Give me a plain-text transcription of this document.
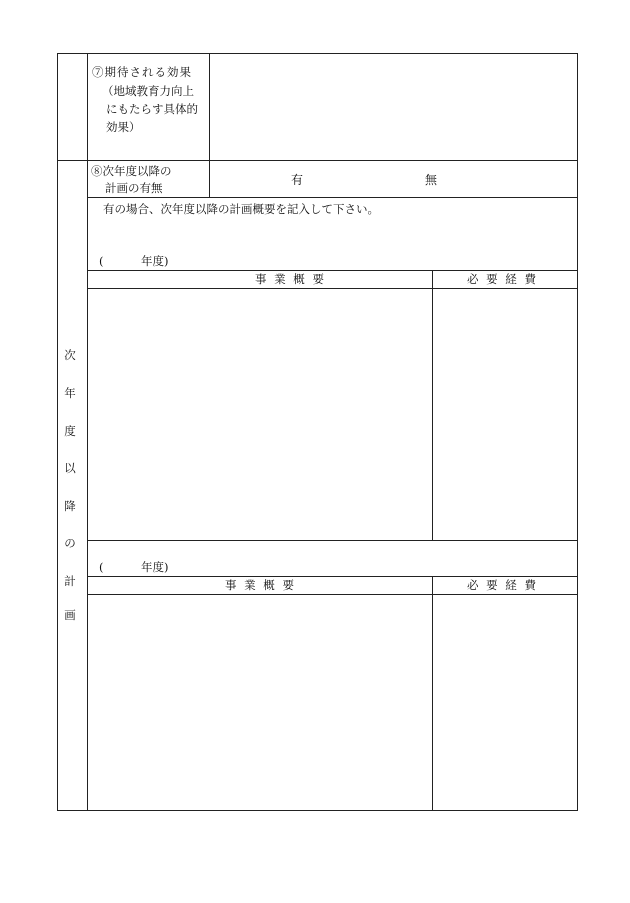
⑦期待される効果
（地域教育力向上
にもたらす具体的
効果）
⑧次年度以降の
計画の有無
有	無
有の場合、次年度以降の計画概要を記入して下さい。
次
年
度
以
降
の
計
画
(	年度)
事 業 概 要	必 要 経 費
(	年度)
事 業 概 要	必 要 経 費
